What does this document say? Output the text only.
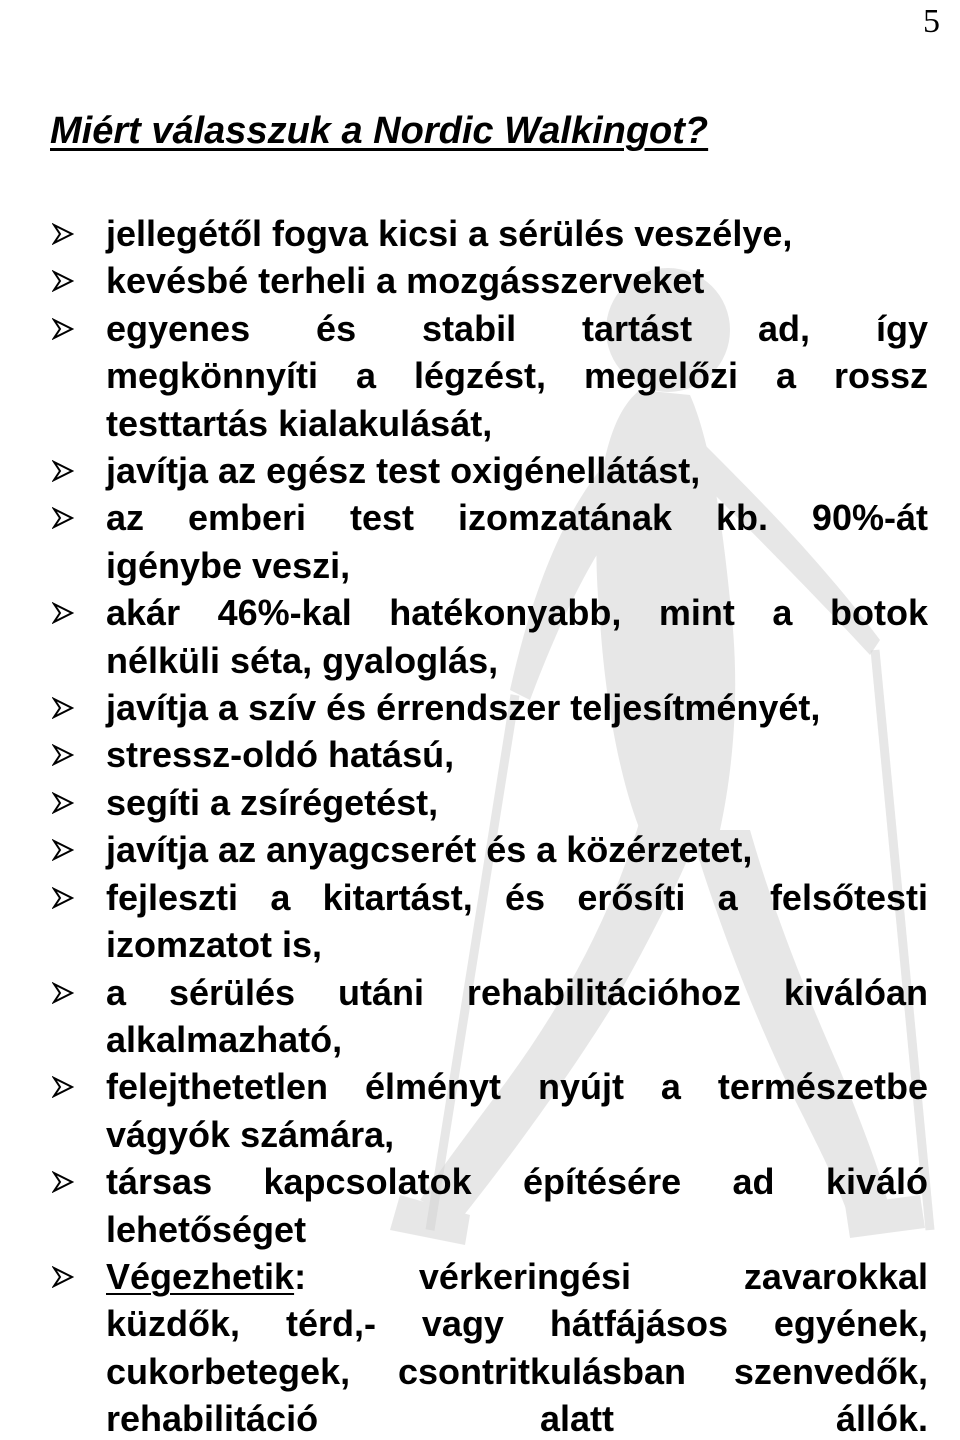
5
Miért válasszuk a Nordic Walkingot?
jellegétől fogva kicsi a sérülés veszélye,
kevésbé terheli a mozgásszerveket
egyenes és stabil tartást ad, így
megkönnyíti a légzést, megelőzi a rossz testtartás kialakulását,
javítja az egész test oxigénellátást,
az emberi test izomzatának kb. 90%-át
igénybe veszi,
akár 46%-kal hatékonyabb, mint a botok
nélküli séta, gyaloglás,
javítja a szív és érrendszer teljesítményét,
stressz-oldó hatású,
segíti a zsírégetést,
javítja az anyagcserét és a közérzetet,
fejleszti a kitartást, és erősíti a felsőtesti
izomzatot is,
a sérülés utáni rehabilitációhoz kiválóan
alkalmazható,
felejthetetlen élményt nyújt a természetbe
vágyók számára,
társas kapcsolatok építésére ad kiváló
lehetőséget
Végezhetik: vérkeringési zavarokkal
küzdők, térd,- vagy hátfájásos egyének, cukorbetegek, csontritkulásban szenvedők, rehabilitáció alatt állók.
